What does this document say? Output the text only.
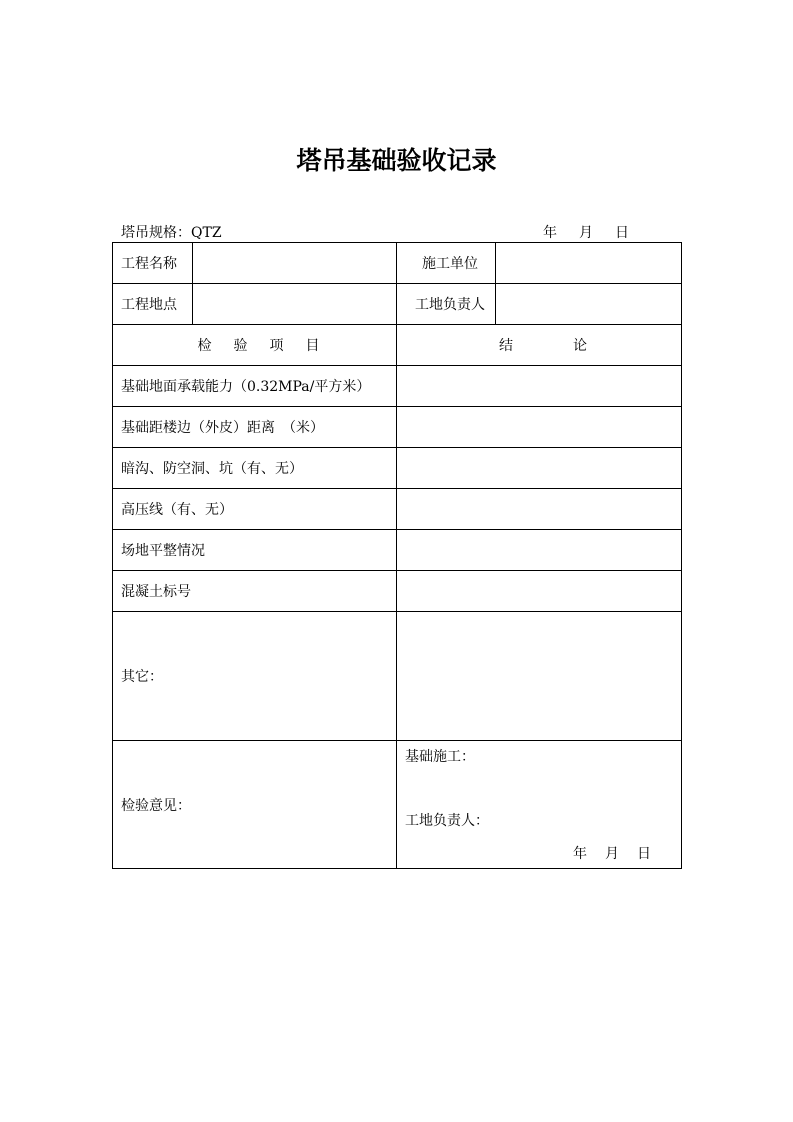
塔吊基础验收记录
塔吊规格：QTZ	年 月 日
工程名称		施工单位	
工程地点		工地负责人	
检 验 项 目		结 论	
基础地面承载能力（0.32MPa/平方米）			
基础距楼边（外皮）距离　（米）			
暗沟、防空洞、坑（有、无）			
高压线（有、无）			
场地平整情况			
混凝土标号			
其它：			
检验意见：		基础施工：
工地负责人：
年 月 日	
